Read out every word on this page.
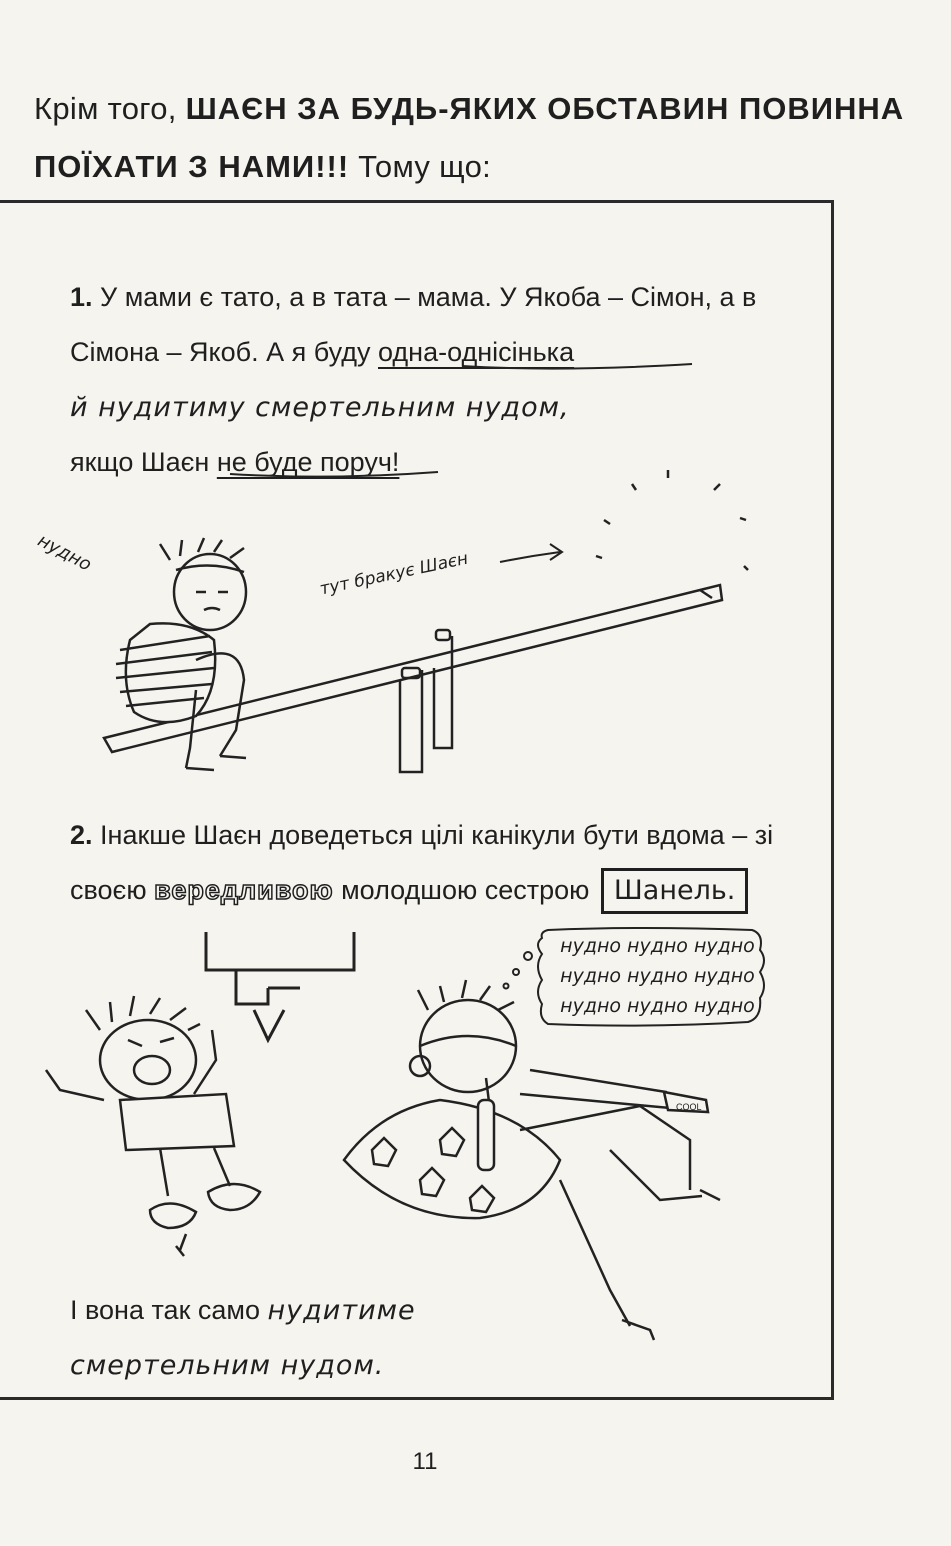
Крім того, ШАЄН ЗА БУДЬ-ЯКИХ ОБСТАВИН ПОВИННА ПОЇХАТИ З НАМИ!!! Тому що:
1. У мами є тато, а в тата – мама. У Якоба – Сімон, а в Сімона – Якоб. А я буду одна-однісінька
й нудитиму смертельним нудом,
якщо Шаєн не буде поруч!
нудно	тут бракує Шаєн
2. Інакше Шаєн доведеться цілі канікули бути вдома – зі своєю вередливою молодшою сестрою Шанель.
нудно нудно нудно
нудно нудно нудно
нудно нудно нудно
І вона так само нудитиме
смертельним нудом.
COOL
11
